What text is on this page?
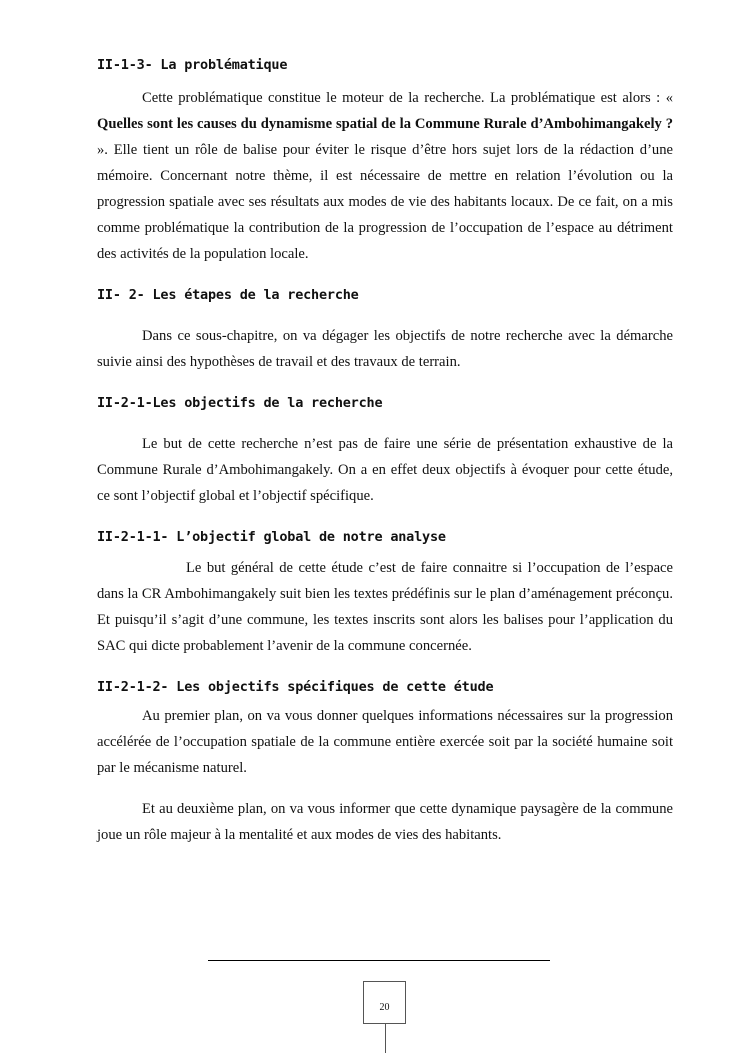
II-1-3- La problématique

Cette problématique constitue le moteur de la recherche. La problématique est alors : « Quelles sont les causes du dynamisme spatial de la Commune Rurale d’Ambohimangakely ? ». Elle tient un rôle de balise pour éviter le risque d’être hors sujet lors de la rédaction d’une mémoire. Concernant notre thème, il est nécessaire de mettre en relation l’évolution ou la progression spatiale avec ses résultats aux modes de vie des habitants locaux. De ce fait, on a mis comme problématique la contribution de la progression de l’occupation de l’espace au détriment des activités de la population locale.

II- 2- Les étapes de la recherche

Dans ce sous-chapitre, on va dégager les objectifs de notre recherche avec la démarche suivie ainsi des hypothèses de travail et des travaux de terrain.

II-2-1-Les objectifs de la recherche

Le but de cette recherche n’est pas de faire une série de présentation exhaustive de la Commune Rurale d’Ambohimangakely. On a en effet deux objectifs à évoquer pour cette étude, ce sont l’objectif global et l’objectif spécifique.

II-2-1-1- L’objectif global de notre analyse

Le but général de cette étude c’est de faire connaitre si l’occupation de l’espace dans la CR Ambohimangakely suit bien les textes prédéfinis sur le plan d’aménagement préconçu. Et puisqu’il s’agit d’une commune, les textes inscrits sont alors les balises pour l’application du SAC qui dicte probablement l’avenir de la commune concernée.

II-2-1-2- Les objectifs spécifiques de cette étude

Au premier plan, on va vous donner quelques informations nécessaires sur la progression accélérée de l’occupation spatiale de la commune entière exercée soit par la société humaine soit par le mécanisme naturel.

Et au deuxième plan, on va vous informer que cette dynamique paysagère de la commune joue un rôle majeur à la mentalité et aux modes de vies des habitants.

20
